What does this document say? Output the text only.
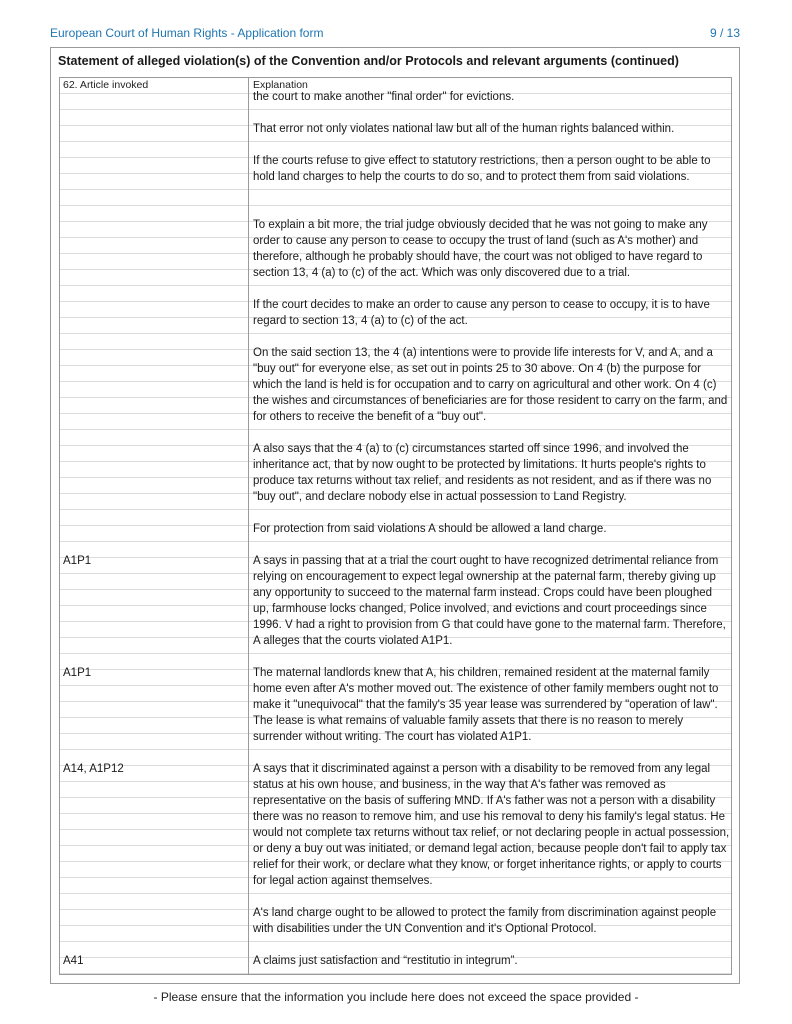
European Court of Human Rights - Application form	9 / 13
Statement of alleged violation(s) of the Convention and/or Protocols and relevant arguments (continued)
62. Article invoked	Explanation
the court to make another "final order" for evictions.
That error not only violates national law but all of the human rights balanced within.
If the courts refuse to give effect to statutory restrictions, then a person ought to be able to hold land charges to help the courts to do so, and to protect them from said violations.
To explain a bit more, the trial judge obviously decided that he was not going to make any order to cause any person to cease to occupy the trust of land (such as A's mother) and therefore, although he probably should have, the court was not obliged to have regard to section 13, 4 (a) to (c) of the act. Which was only discovered due to a trial.
If the court decides to make an order to cause any person to cease to occupy, it is to have regard to section 13, 4 (a) to (c) of the act.
On the said section 13, the 4 (a) intentions were to provide life interests for V, and A, and a "buy out" for everyone else, as set out in points 25 to 30 above. On 4 (b) the purpose for which the land is held is for occupation and to carry on agricultural and other work. On 4 (c) the wishes and circumstances of beneficiaries are for those resident to carry on the farm, and for others to receive the benefit of a "buy out".
A also says that the 4 (a) to (c) circumstances started off since 1996, and involved the inheritance act, that by now ought to be protected by limitations. It hurts people's rights to produce tax returns without tax relief, and residents as not resident, and as if there was no "buy out", and declare nobody else in actual possession to Land Registry.
For protection from said violations A should be allowed a land charge.
A1P1	A says in passing that at a trial the court ought to have recognized detrimental reliance from relying on encouragement to expect legal ownership at the paternal farm, thereby giving up any opportunity to succeed to the maternal farm instead. Crops could have been ploughed up, farmhouse locks changed, Police involved, and evictions and court proceedings since 1996. V had a right to provision from G that could have gone to the maternal farm. Therefore, A alleges that the courts violated A1P1.
A1P1	The maternal landlords knew that A, his children, remained resident at the maternal family home even after A's mother moved out. The existence of other family members ought not to make it "unequivocal" that the family's 35 year lease was surrendered by "operation of law". The lease is what remains of valuable family assets that there is no reason to merely surrender without writing. The court has violated A1P1.
A14, A1P12	A says that it discriminated against a person with a disability to be removed from any legal status at his own house, and business, in the way that A's father was removed as representative on the basis of suffering MND. If A's father was not a person with a disability there was no reason to remove him, and use his removal to deny his family's legal status. He would not complete tax returns without tax relief, or not declaring people in actual possession, or deny a buy out was initiated, or demand legal action, because people don't fail to apply tax relief for their work, or declare what they know, or forget inheritance rights, or apply to courts for legal action against themselves.
A's land charge ought to be allowed to protect the family from discrimination against people with disabilities under the UN Convention and it's Optional Protocol.
A41	A claims just satisfaction and “restitutio in integrum”.
- Please ensure that the information you include here does not exceed the space provided -
